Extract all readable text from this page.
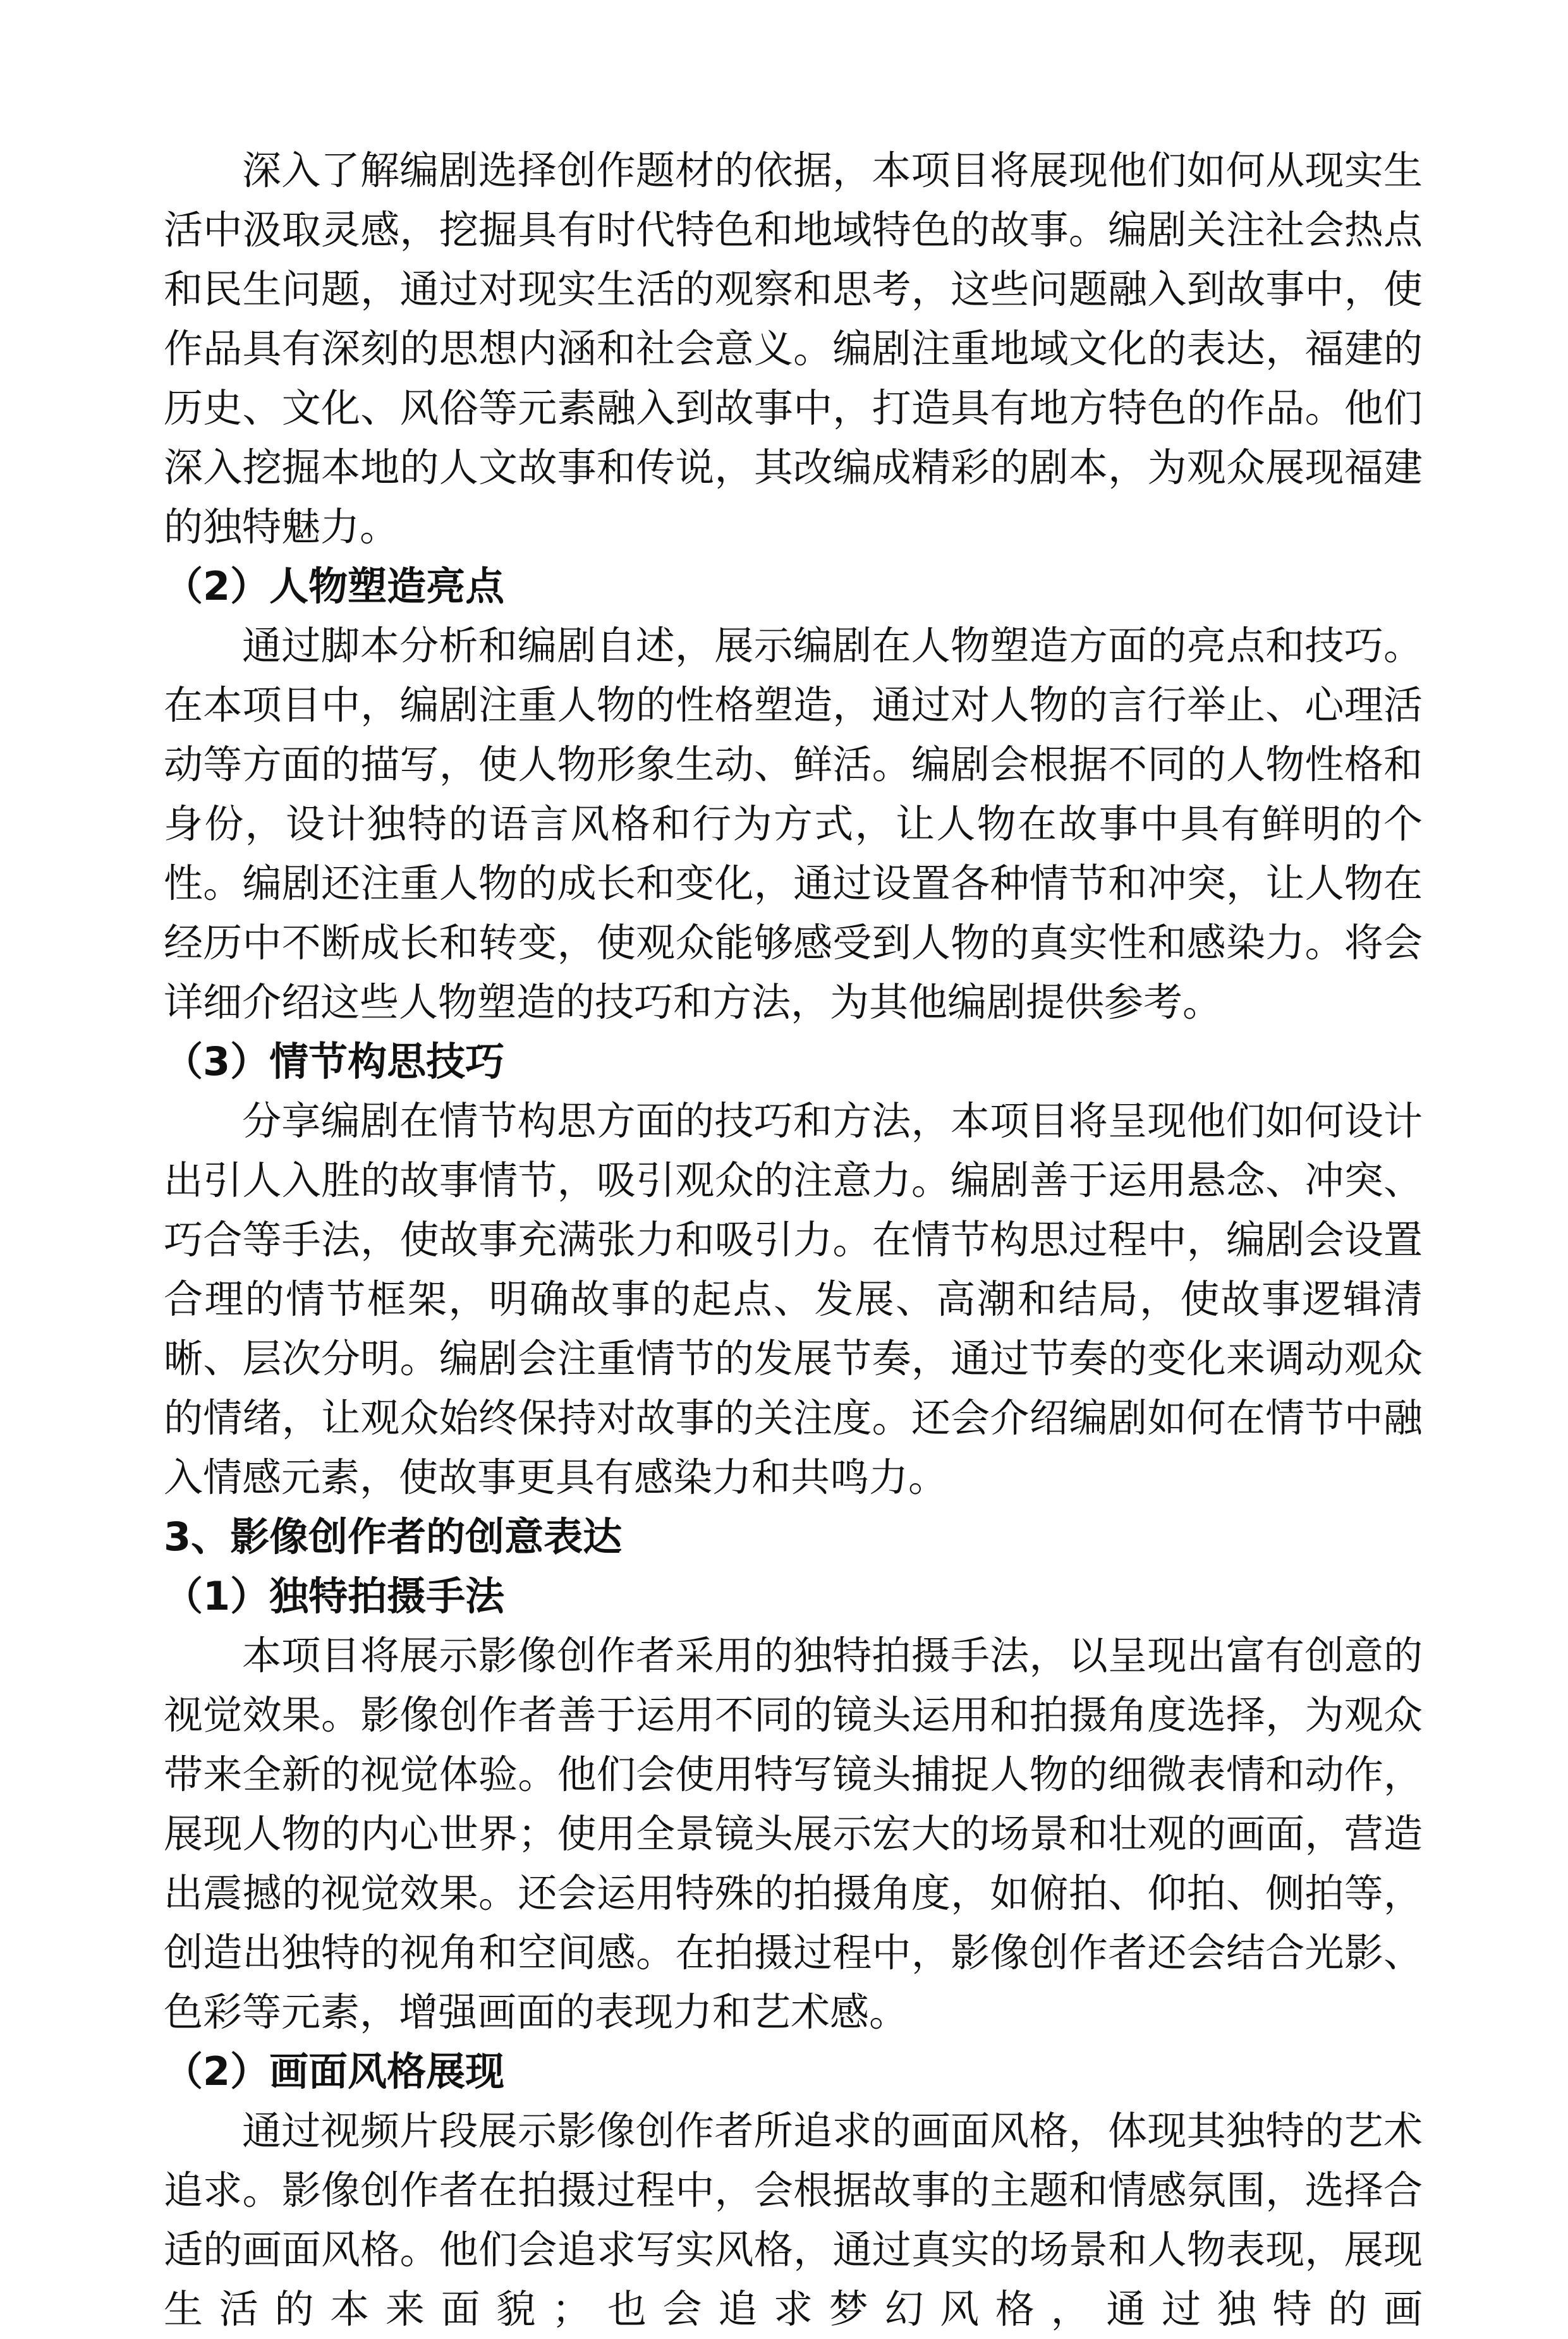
深入了解编剧选择创作题材的依据，本项目将展现他们如何从现实生活中汲取灵感，挖掘具有时代特色和地域特色的故事。编剧关注社会热点和民生问题，通过对现实生活的观察和思考，这些问题融入到故事中，使作品具有深刻的思想内涵和社会意义。编剧注重地域文化的表达，福建的历史、文化、风俗等元素融入到故事中，打造具有地方特色的作品。他们深入挖掘本地的人文故事和传说，其改编成精彩的剧本，为观众展现福建的独特魅力。

（2）人物塑造亮点

通过脚本分析和编剧自述，展示编剧在人物塑造方面的亮点和技巧。在本项目中，编剧注重人物的性格塑造，通过对人物的言行举止、心理活动等方面的描写，使人物形象生动、鲜活。编剧会根据不同的人物性格和身份，设计独特的语言风格和行为方式，让人物在故事中具有鲜明的个性。编剧还注重人物的成长和变化，通过设置各种情节和冲突，让人物在经历中不断成长和转变，使观众能够感受到人物的真实性和感染力。将会详细介绍这些人物塑造的技巧和方法，为其他编剧提供参考。

（3）情节构思技巧

分享编剧在情节构思方面的技巧和方法，本项目将呈现他们如何设计出引人入胜的故事情节，吸引观众的注意力。编剧善于运用悬念、冲突、巧合等手法，使故事充满张力和吸引力。在情节构思过程中，编剧会设置合理的情节框架，明确故事的起点、发展、高潮和结局，使故事逻辑清晰、层次分明。编剧会注重情节的发展节奏，通过节奏的变化来调动观众的情绪，让观众始终保持对故事的关注度。还会介绍编剧如何在情节中融入情感元素，使故事更具有感染力和共鸣力。

3、影像创作者的创意表达

（1）独特拍摄手法

本项目将展示影像创作者采用的独特拍摄手法，以呈现出富有创意的视觉效果。影像创作者善于运用不同的镜头运用和拍摄角度选择，为观众带来全新的视觉体验。他们会使用特写镜头捕捉人物的细微表情和动作，展现人物的内心世界；使用全景镜头展示宏大的场景和壮观的画面，营造出震撼的视觉效果。还会运用特殊的拍摄角度，如俯拍、仰拍、侧拍等，创造出独特的视角和空间感。在拍摄过程中，影像创作者还会结合光影、色彩等元素，增强画面的表现力和艺术感。

（2）画面风格展现

通过视频片段展示影像创作者所追求的画面风格，体现其独特的艺术追求。影像创作者在拍摄过程中，会根据故事的主题和情感氛围，选择合适的画面风格。他们会追求写实风格，通过真实的场景和人物表现，展现生活的本来面貌；也会追求梦幻风格，通过独特的画
